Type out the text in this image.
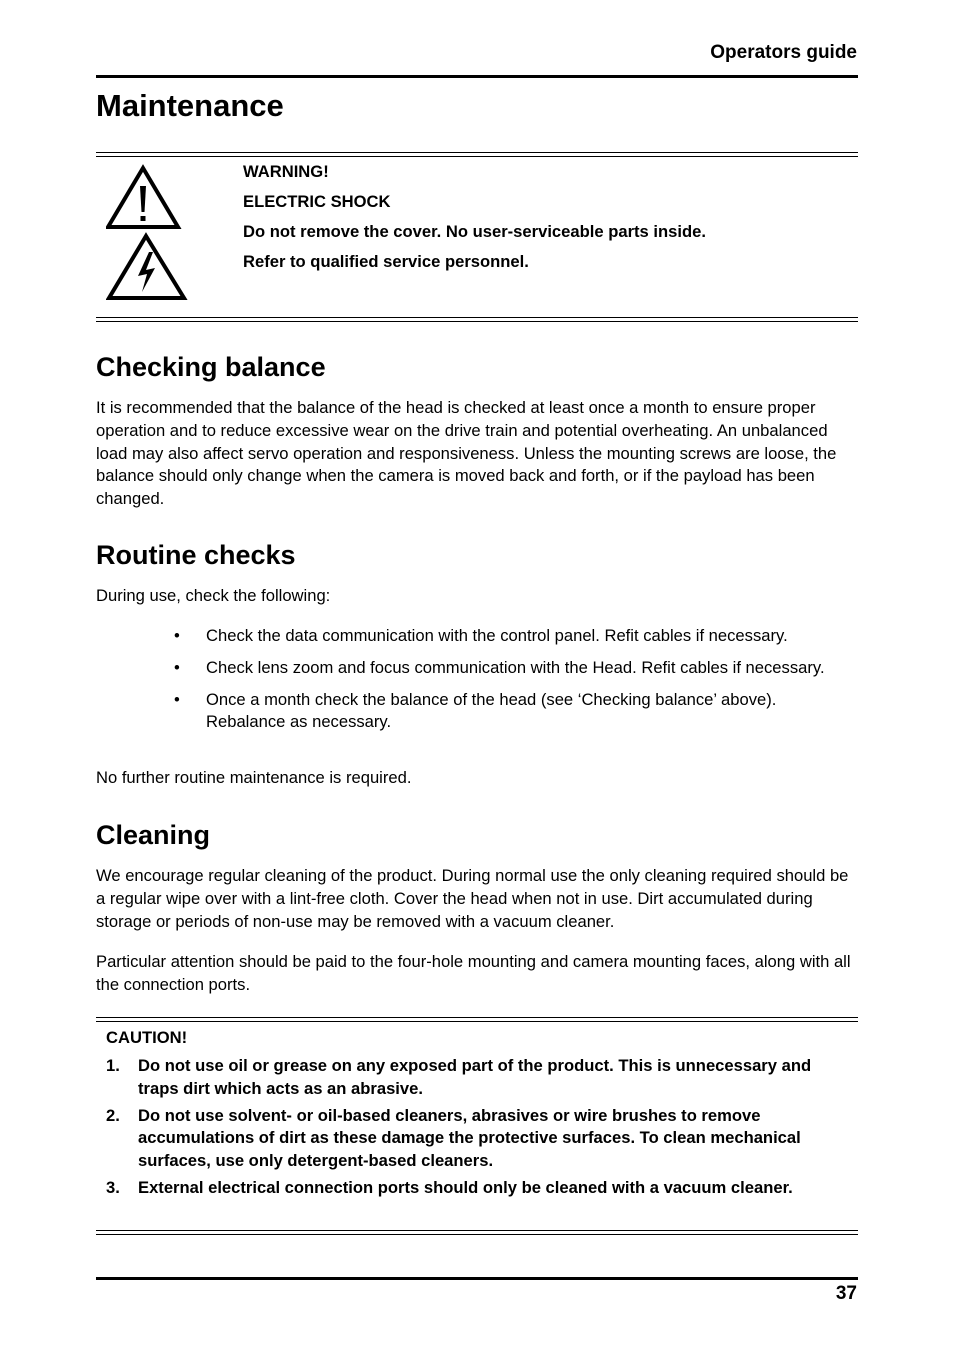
Operators guide
Maintenance
WARNING!
ELECTRIC SHOCK
Do not remove the cover. No user-serviceable parts inside.
Refer to qualified service personnel.
Checking balance

It is recommended that the balance of the head is checked at least once a month to ensure proper operation and to reduce excessive wear on the drive train and potential overheating. An unbalanced load may also affect servo operation and responsiveness. Unless the mounting screws are loose, the balance should only change when the camera is moved back and forth, or if the payload has been changed.

Routine checks

During use, check the following:

• Check the data communication with the control panel. Refit cables if necessary.
• Check lens zoom and focus communication with the Head. Refit cables if necessary.
• Once a month check the balance of the head (see ‘Checking balance’ above). Rebalance as necessary.

No further routine maintenance is required.

Cleaning

We encourage regular cleaning of the product. During normal use the only cleaning required should be a regular wipe over with a lint-free cloth. Cover the head when not in use. Dirt accumulated during storage or periods of non-use may be removed with a vacuum cleaner.

Particular attention should be paid to the four-hole mounting and camera mounting faces, along with all the connection ports.

CAUTION!
1. Do not use oil or grease on any exposed part of the product. This is unnecessary and traps dirt which acts as an abrasive.
2. Do not use solvent- or oil-based cleaners, abrasives or wire brushes to remove accumulations of dirt as these damage the protective surfaces. To clean mechanical surfaces, use only detergent-based cleaners.
3. External electrical connection ports should only be cleaned with a vacuum cleaner.
37
